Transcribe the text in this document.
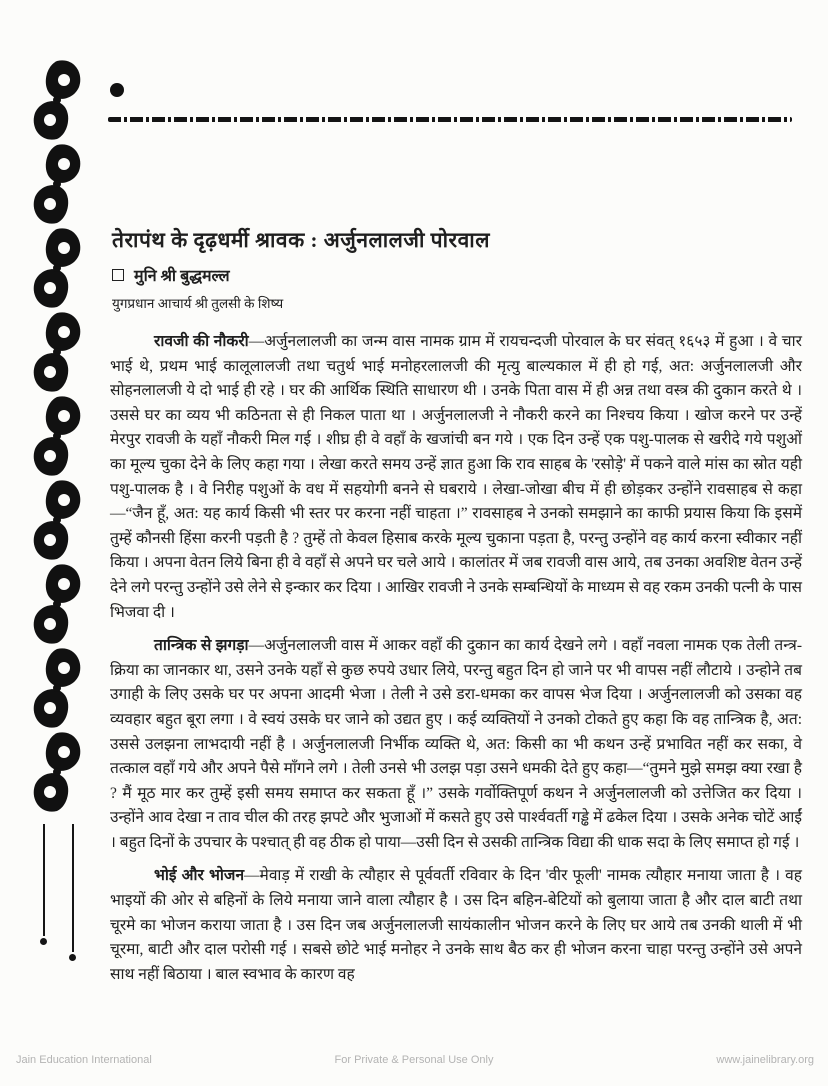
तेरापंथ के दृढ़धर्मी श्रावक : अर्जुनलालजी पोरवाल
मुनि श्री बुद्धमल्ल
युगप्रधान आचार्य श्री तुलसी के शिष्य

रावजी की नौकरी—अर्जुनलालजी का जन्म वास नामक ग्राम में रायचन्दजी पोरवाल के घर संवत् १६५३ में हुआ । वे चार भाई थे, प्रथम भाई कालूलालजी तथा चतुर्थ भाई मनोहरलालजी की मृत्यु बाल्यकाल में ही हो गई, अत: अर्जुनलालजी और सोहनलालजी ये दो भाई ही रहे । घर की आर्थिक स्थिति साधारण थी । उनके पिता वास में ही अन्न तथा वस्त्र की दुकान करते थे । उससे घर का व्यय भी कठिनता से ही निकल पाता था । अर्जुनलालजी ने नौकरी करने का निश्चय किया । खोज करने पर उन्हें मेरपुर रावजी के यहाँ नौकरी मिल गई । शीघ्र ही वे वहाँ के खजांची बन गये । एक दिन उन्हें एक पशु-पालक से खरीदे गये पशुओं का मूल्य चुका देने के लिए कहा गया । लेखा करते समय उन्हें ज्ञात हुआ कि राव साहब के 'रसोड़े' में पकने वाले मांस का स्रोत यही पशु-पालक है । वे निरीह पशुओं के वध में सहयोगी बनने से घबराये । लेखा-जोखा बीच में ही छोड़कर उन्होंने रावसाहब से कहा—“जैन हूँ, अत: यह कार्य किसी भी स्तर पर करना नहीं चाहता ।” रावसाहब ने उनको समझाने का काफी प्रयास किया कि इसमें तुम्हें कौनसी हिंसा करनी पड़ती है ? तुम्हें तो केवल हिसाब करके मूल्य चुकाना पड़ता है, परन्तु उन्होंने वह कार्य करना स्वीकार नहीं किया । अपना वेतन लिये बिना ही वे वहाँ से अपने घर चले आये । कालांतर में जब रावजी वास आये, तब उनका अवशिष्ट वेतन उन्हें देने लगे परन्तु उन्होंने उसे लेने से इन्कार कर दिया । आखिर रावजी ने उनके सम्बन्धियों के माध्यम से वह रकम उनकी पत्नी के पास भिजवा दी ।

तान्त्रिक से झगड़ा—अर्जुनलालजी वास में आकर वहाँ की दुकान का कार्य देखने लगे । वहाँ नवला नामक एक तेली तन्त्र-क्रिया का जानकार था, उसने उनके यहाँ से कुछ रुपये उधार लिये, परन्तु बहुत दिन हो जाने पर भी वापस नहीं लौटाये । उन्होने तब उगाही के लिए उसके घर पर अपना आदमी भेजा । तेली ने उसे डरा-धमका कर वापस भेज दिया । अर्जुनलालजी को उसका वह व्यवहार बहुत बूरा लगा । वे स्वयं उसके घर जाने को उद्यत हुए । कई व्यक्तियों ने उनको टोकते हुए कहा कि वह तान्त्रिक है, अत: उससे उलझना लाभदायी नहीं है । अर्जुनलालजी निर्भीक व्यक्ति थे, अत: किसी का भी कथन उन्हें प्रभावित नहीं कर सका, वे तत्काल वहाँ गये और अपने पैसे माँगने लगे । तेली उनसे भी उलझ पड़ा उसने धमकी देते हुए कहा—“तुमने मुझे समझ क्या रखा है ? मैं मूठ मार कर तुम्हें इसी समय समाप्त कर सकता हूँ ।” उसके गर्वोक्तिपूर्ण कथन ने अर्जुनलालजी को उत्तेजित कर दिया । उन्होंने आव देखा न ताव चील की तरह झपटे और भुजाओं में कसते हुए उसे पार्श्ववर्ती गड्ढे में ढकेल दिया । उसके अनेक चोटें आईं । बहुत दिनों के उपचार के पश्चात् ही वह ठीक हो पाया—उसी दिन से उसकी तान्त्रिक विद्या की धाक सदा के लिए समाप्त हो गई ।

भोई और भोजन—मेवाड़ में राखी के त्यौहार से पूर्ववर्ती रविवार के दिन 'वीर फूली' नामक त्यौहार मनाया जाता है । वह भाइयों की ओर से बहिनों के लिये मनाया जाने वाला त्यौहार है । उस दिन बहिन-बेटियों को बुलाया जाता है और दाल बाटी तथा चूरमे का भोजन कराया जाता है । उस दिन जब अर्जुनलालजी सायंकालीन भोजन करने के लिए घर आये तब उनकी थाली में भी चूरमा, बाटी और दाल परोसी गई । सबसे छोटे भाई मनोहर ने उनके साथ बैठ कर ही भोजन करना चाहा परन्तु उन्होंने उसे अपने साथ नहीं बिठाया । बाल स्वभाव के कारण वह

Jain Education International	For Private & Personal Use Only	www.jainelibrary.org
